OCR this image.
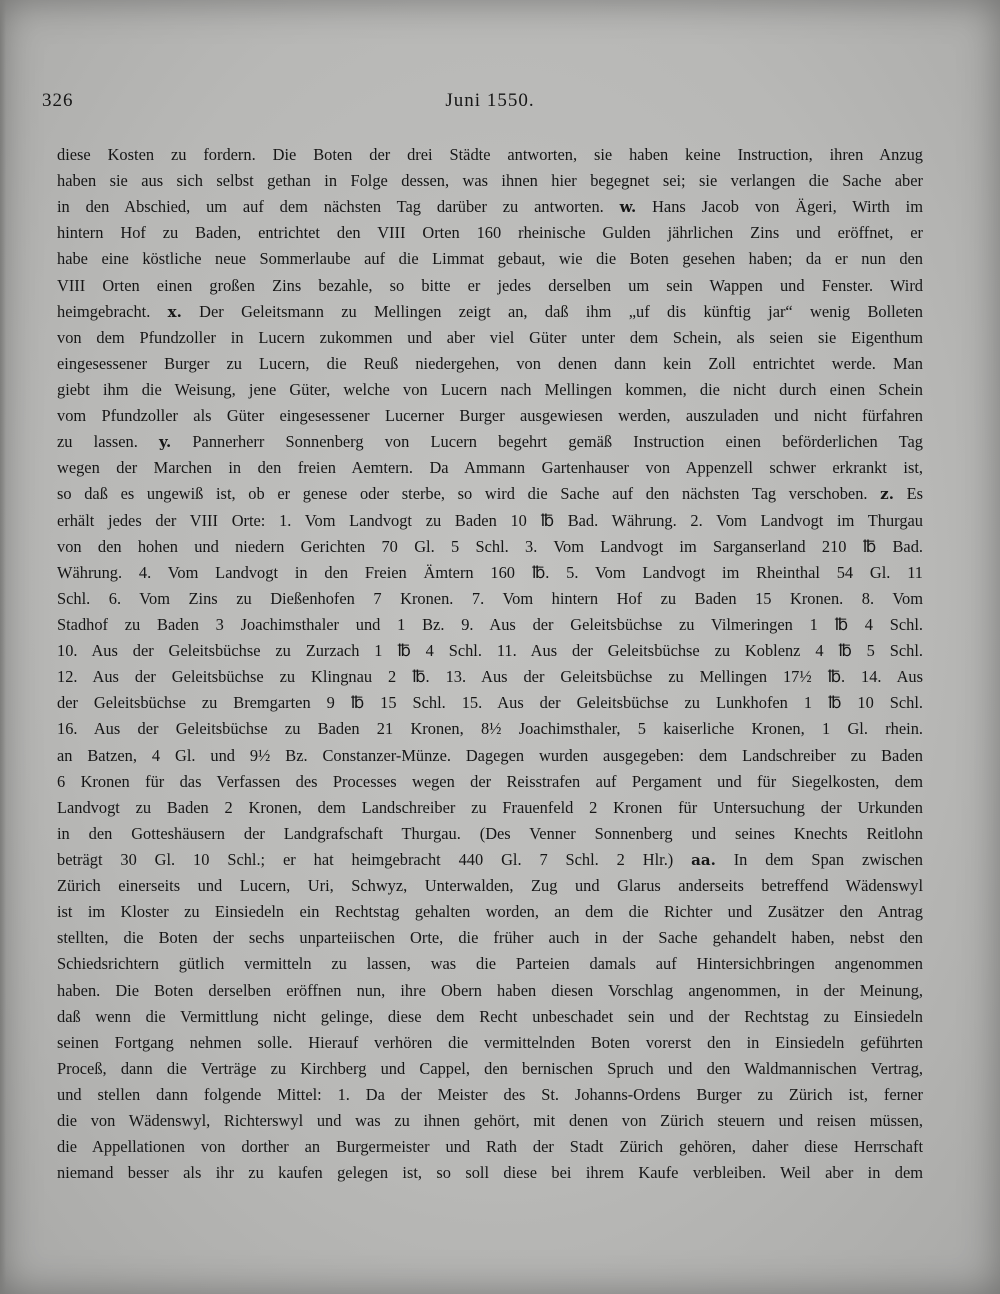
326	Juni 1550.
diese Kosten zu fordern. Die Boten der drei Städte antworten, sie haben keine Instruction, ihren Anzug
haben sie aus sich selbst gethan in Folge dessen, was ihnen hier begegnet sei; sie verlangen die Sache aber
in den Abschied, um auf dem nächsten Tag darüber zu antworten. w. Hans Jacob von Ägeri, Wirth im
hintern Hof zu Baden, entrichtet den VIII Orten 160 rheinische Gulden jährlichen Zins und eröffnet, er
habe eine köstliche neue Sommerlaube auf die Limmat gebaut, wie die Boten gesehen haben; da er nun den
VIII Orten einen großen Zins bezahle, so bitte er jedes derselben um sein Wappen und Fenster. Wird
heimgebracht. x. Der Geleitsmann zu Mellingen zeigt an, daß ihm „uf dis künftig jar“ wenig Bolleten
von dem Pfundzoller in Lucern zukommen und aber viel Güter unter dem Schein, als seien sie Eigenthum
eingesessener Burger zu Lucern, die Reuß niedergehen, von denen dann kein Zoll entrichtet werde. Man
giebt ihm die Weisung, jene Güter, welche von Lucern nach Mellingen kommen, die nicht durch einen Schein
vom Pfundzoller als Güter eingesessener Lucerner Burger ausgewiesen werden, auszuladen und nicht fürfahren
zu lassen. y. Pannerherr Sonnenberg von Lucern begehrt gemäß Instruction einen beförderlichen Tag
wegen der Marchen in den freien Aemtern. Da Ammann Gartenhauser von Appenzell schwer erkrankt ist,
so daß es ungewiß ist, ob er genese oder sterbe, so wird die Sache auf den nächsten Tag verschoben. z. Es
erhält jedes der VIII Orte: 1. Vom Landvogt zu Baden 10 ℔ Bad. Währung. 2. Vom Landvogt im Thurgau
von den hohen und niedern Gerichten 70 Gl. 5 Schl. 3. Vom Landvogt im Sarganserland 210 ℔ Bad.
Währung. 4. Vom Landvogt in den Freien Ämtern 160 ℔. 5. Vom Landvogt im Rheinthal 54 Gl. 11
Schl. 6. Vom Zins zu Dießenhofen 7 Kronen. 7. Vom hintern Hof zu Baden 15 Kronen. 8. Vom
Stadhof zu Baden 3 Joachimsthaler und 1 Bz. 9. Aus der Geleitsbüchse zu Vilmeringen 1 ℔ 4 Schl.
10. Aus der Geleitsbüchse zu Zurzach 1 ℔ 4 Schl. 11. Aus der Geleitsbüchse zu Koblenz 4 ℔ 5 Schl.
12. Aus der Geleitsbüchse zu Klingnau 2 ℔. 13. Aus der Geleitsbüchse zu Mellingen 17½ ℔. 14. Aus
der Geleitsbüchse zu Bremgarten 9 ℔ 15 Schl. 15. Aus der Geleitsbüchse zu Lunkhofen 1 ℔ 10 Schl.
16. Aus der Geleitsbüchse zu Baden 21 Kronen, 8½ Joachimsthaler, 5 kaiserliche Kronen, 1 Gl. rhein.
an Batzen, 4 Gl. und 9½ Bz. Constanzer-Münze. Dagegen wurden ausgegeben: dem Landschreiber zu Baden
6 Kronen für das Verfassen des Processes wegen der Reisstrafen auf Pergament und für Siegelkosten, dem
Landvogt zu Baden 2 Kronen, dem Landschreiber zu Frauenfeld 2 Kronen für Untersuchung der Urkunden
in den Gotteshäusern der Landgrafschaft Thurgau. (Des Venner Sonnenberg und seines Knechts Reitlohn
beträgt 30 Gl. 10 Schl.; er hat heimgebracht 440 Gl. 7 Schl. 2 Hlr.) aa. In dem Span zwischen
Zürich einerseits und Lucern, Uri, Schwyz, Unterwalden, Zug und Glarus anderseits betreffend Wädenswyl
ist im Kloster zu Einsiedeln ein Rechtstag gehalten worden, an dem die Richter und Zusätzer den Antrag
stellten, die Boten der sechs unparteiischen Orte, die früher auch in der Sache gehandelt haben, nebst den
Schiedsrichtern gütlich vermitteln zu lassen, was die Parteien damals auf Hintersichbringen angenommen
haben. Die Boten derselben eröffnen nun, ihre Obern haben diesen Vorschlag angenommen, in der Meinung,
daß wenn die Vermittlung nicht gelinge, diese dem Recht unbeschadet sein und der Rechtstag zu Einsiedeln
seinen Fortgang nehmen solle. Hierauf verhören die vermittelnden Boten vorerst den in Einsiedeln geführten
Proceß, dann die Verträge zu Kirchberg und Cappel, den bernischen Spruch und den Waldmannischen Vertrag,
und stellen dann folgende Mittel: 1. Da der Meister des St. Johanns-Ordens Burger zu Zürich ist, ferner
die von Wädenswyl, Richterswyl und was zu ihnen gehört, mit denen von Zürich steuern und reisen müssen,
die Appellationen von dorther an Burgermeister und Rath der Stadt Zürich gehören, daher diese Herrschaft
niemand besser als ihr zu kaufen gelegen ist, so soll diese bei ihrem Kaufe verbleiben. Weil aber in dem
